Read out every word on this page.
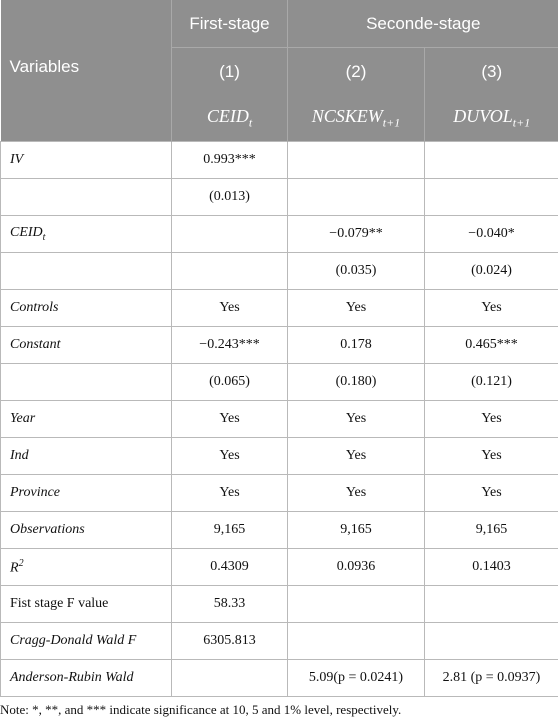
Variables	First-stage	Seconde-stage	
	(1)	(2)	(3)
	$CEID_t$	$NCSKEW_{t+1}$	$DUVOL_{t+1}$
IV	0.993***		
	(0.013)		
$CEID_t$		−0.079**	−0.040*
		(0.035)	(0.024)
Controls	Yes	Yes	Yes
Constant	−0.243***	0.178	0.465***
	(0.065)	(0.180)	(0.121)
Year	Yes	Yes	Yes
Ind	Yes	Yes	Yes
Province	Yes	Yes	Yes
Observations	9,165	9,165	9,165
$R^2$	0.4309	0.0936	0.1403
Fist stage F value	58.33		
Cragg-Donald Wald F	6305.813		
Anderson-Rubin Wald		5.09(p = 0.0241)	2.81 (p = 0.0937)
Note: *, **, and *** indicate significance at 10, 5 and 1% level, respectively.
